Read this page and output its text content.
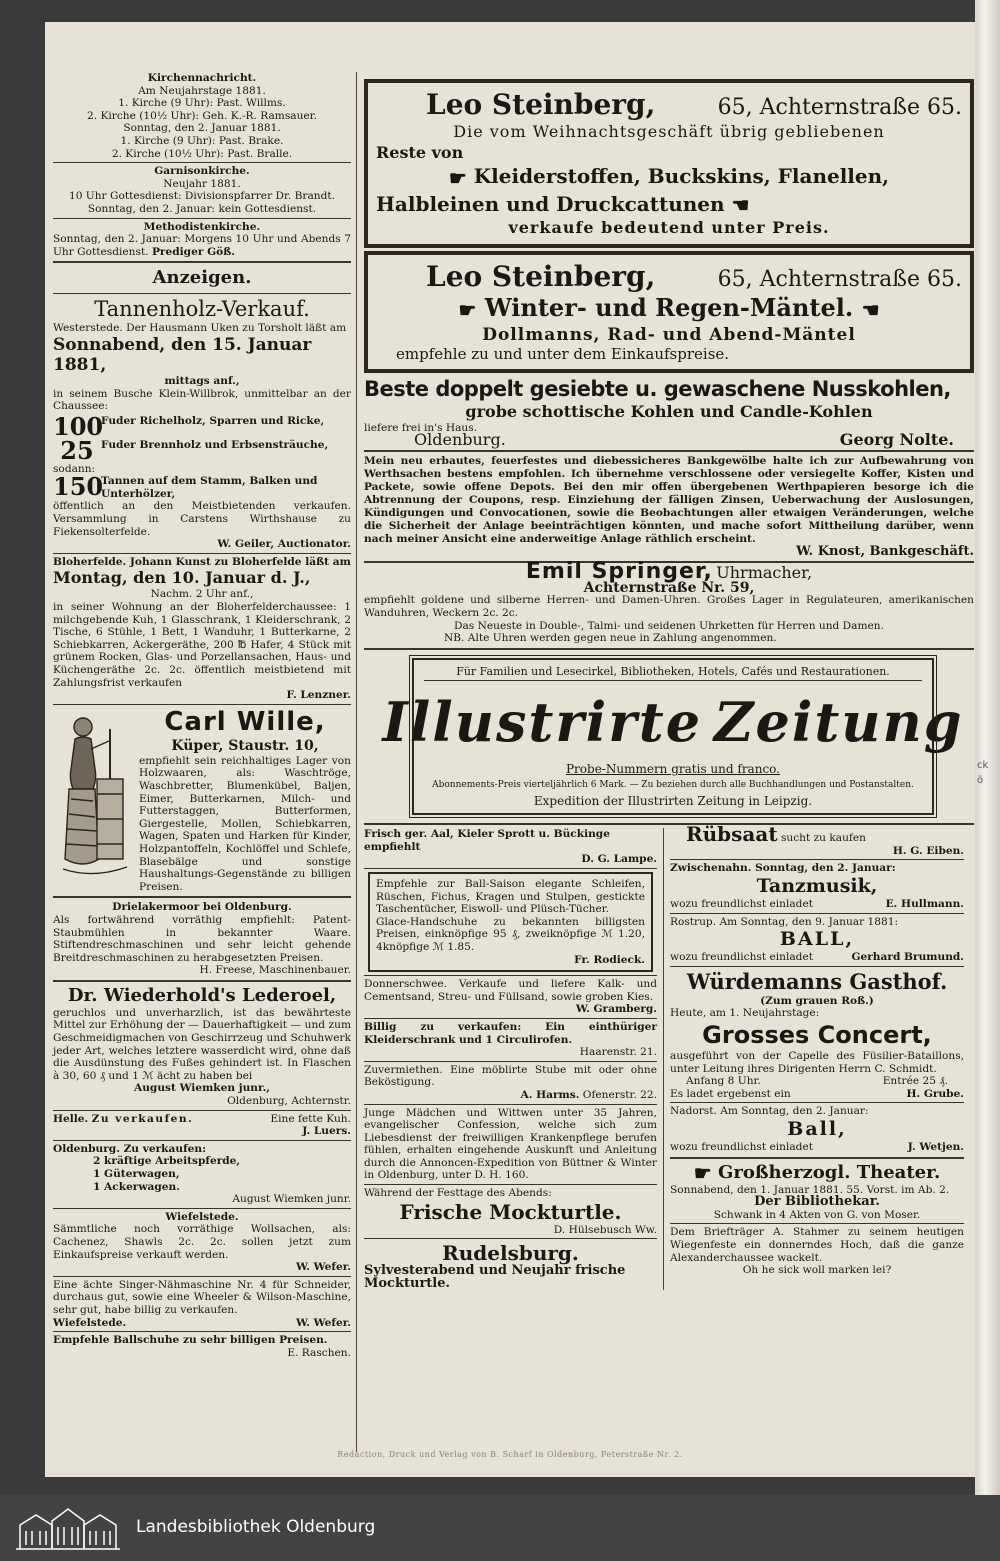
ck
ö
Kirchennachricht.
Am Neujahrstage 1881.
1. Kirche (9 Uhr): Past. Willms.
2. Kirche (10½ Uhr): Geh. K.-R. Ramsauer.
Sonntag, den 2. Januar 1881.
1. Kirche (9 Uhr): Past. Brake.
2. Kirche (10½ Uhr): Past. Bralle.
Garnisonkirche.
Neujahr 1881.
10 Uhr Gottesdienst: Divisionspfarrer Dr. Brandt.
Sonntag, den 2. Januar: kein Gottesdienst.
Methodistenkirche.
Sonntag, den 2. Januar: Morgens 10 Uhr und Abends 7 Uhr Gottesdienst. Prediger Göß.
Anzeigen.
Tannenholz-Verkauf.
Westerstede. Der Hausmann Uken zu Torsholt läßt am
Sonnabend, den 15. Januar 1881,
mittags anf.,
in seinem Busche Klein-Willbrok, unmittelbar an der Chaussee:
100Fuder Richelholz, Sparren und Ricke,
25 Fuder Brennholz und Erbsensträuche,
sodann:
150Tannen auf dem Stamm, Balken und Unterhölzer,
öffentlich an den Meistbietenden verkaufen. Versammlung in Carstens Wirthshause zu Fiekensolterfelde.
W. Geiler, Auctionator.
Bloherfelde. Johann Kunst zu Bloherfelde läßt am
Montag, den 10. Januar d. J.,
Nachm. 2 Uhr anf.,
in seiner Wohnung an der Bloherfelderchaussee: 1 milchgebende Kuh, 1 Glasschrank, 1 Kleiderschrank, 2 Tische, 6 Stühle, 1 Bett, 1 Wanduhr, 1 Butterkarne, 2 Schiebkarren, Ackergeräthe, 200 ℔ Hafer, 4 Stück mit grünem Rocken, Glas- und Porzellansachen, Haus- und Küchengeräthe 2c. 2c. öffentlich meistbietend mit Zahlungsfrist verkaufen
F. Lenzner.
Carl Wille,
Küper, Staustr. 10,
empfiehlt sein reichhaltiges Lager von Holzwaaren, als: Waschtröge, Waschbretter, Blumenkübel, Baljen, Eimer, Butterkarnen, Milch- und Futterstaggen, Butterformen, Giergestelle, Mollen, Schiebkarren, Wagen, Spaten und Harken für Kinder, Holzpantoffeln, Kochlöffel und Schlefe, Blasebälge und sonstige Haushaltungs-Gegenstände zu billigen Preisen.
Drielakermoor bei Oldenburg.
Als fortwährend vorräthig empfiehlt: Patent-Staubmühlen in bekannter Waare. Stiftendreschmaschinen und sehr leicht gehende Breitdreschmaschinen zu herabgesetzten Preisen.
H. Freese, Maschinenbauer.
Dr. Wiederhold's Lederoel,
geruchlos und unverharzlich, ist das bewährteste Mittel zur Erhöhung der — Dauerhaftigkeit — und zum Geschmeidigmachen von Geschirrzeug und Schuhwerk jeder Art, welches letztere wasserdicht wird, ohne daß die Ausdünstung des Fußes gehindert ist. In Flaschen à 30, 60 ₰ und 1 ℳ ächt zu haben bei
August Wiemken junr.,
Oldenburg, Achternstr.
Helle. Zu verkaufen.	Eine fette Kuh.
J. Luers.
Oldenburg. Zu verkaufen:
2 kräftige Arbeitspferde,
1 Güterwagen,
1 Ackerwagen.
August Wiemken junr.
Wiefelstede.
Sämmtliche noch vorräthige Wollsachen, als: Cachenez, Shawls 2c. 2c. sollen jetzt zum Einkaufspreise verkauft werden.
W. Wefer.
Eine ächte Singer-Nähmaschine Nr. 4 für Schneider, durchaus gut, sowie eine Wheeler & Wilson-Maschine, sehr gut, habe billig zu verkaufen.
Wiefelstede.	W. Wefer.
Empfehle Ballschuhe zu sehr billigen Preisen.
E. Raschen.
Leo Steinberg,	65, Achternstraße 65.
Die vom Weihnachtsgeschäft übrig gebliebenen
Reste von
☛ Kleiderstoffen, Buckskins, Flanellen,
Halbleinen und Druckcattunen ☚
verkaufe bedeutend unter Preis.
Leo Steinberg,	65, Achternstraße 65.
☛ Winter- und Regen-Mäntel. ☚
Dollmanns, Rad- und Abend-Mäntel
empfehle zu und unter dem Einkaufspreise.
Beste doppelt gesiebte u. gewaschene Nusskohlen,
grobe schottische Kohlen und Candle-Kohlen
liefere frei in's Haus.
Oldenburg.	Georg Nolte.
Mein neu erbautes, feuerfestes und diebessicheres Bankgewölbe halte ich zur Aufbewahrung von Werthsachen bestens empfohlen. Ich übernehme verschlossene oder versiegelte Koffer, Kisten und Packete, sowie offene Depots. Bei den mir offen übergebenen Werthpapieren besorge ich die Abtrennung der Coupons, resp. Einziehung der fälligen Zinsen, Ueberwachung der Auslosungen, Kündigungen und Convocationen, sowie die Beobachtungen aller etwaigen Veränderungen, welche die Sicherheit der Anlage beeinträchtigen könnten, und mache sofort Mittheilung darüber, wenn nach meiner Ansicht eine anderweitige Anlage räthlich erscheint.
W. Knost, Bankgeschäft.
Emil Springer, Uhrmacher,
Achternstraße Nr. 59,
empfiehlt goldene und silberne Herren- und Damen-Uhren. Großes Lager in Regulateuren, amerikanischen Wanduhren, Weckern 2c. 2c.
Das Neueste in Double-, Talmi- und seidenen Uhrketten für Herren und Damen.
NB. Alte Uhren werden gegen neue in Zahlung angenommen.
Für Familien und Lesecirkel, Bibliotheken, Hotels, Cafés und Restaurationen.
Illustrirte Zeitung
Probe-Nummern gratis und franco.
Abonnements-Preis vierteljährlich 6 Mark. — Zu beziehen durch alle Buchhandlungen und Postanstalten.
Expedition der Illustrirten Zeitung in Leipzig.
Frisch ger. Aal, Kieler Sprott u. Bückinge empfiehlt
D. G. Lampe.
Empfehle zur Ball-Saison elegante Schleifen, Rüschen, Fichus, Kragen und Stulpen, gestickte Taschentücher, Eiswoll- und Plüsch-Tücher.
Glace-Handschuhe zu bekannten billigsten Preisen, einknöpfige 95 ₰, zweiknöpfige ℳ 1.20, 4knöpfige ℳ 1.85.
Fr. Rodieck.
Donnerschwee. Verkaufe und liefere Kalk- und Cementsand, Streu- und Füllsand, sowie groben Kies.
W. Gramberg.
Billig zu verkaufen: Ein einthüriger Kleiderschrank und 1 Circulirofen.
Haarenstr. 21.
Zuvermiethen. Eine möblirte Stube mit oder ohne Beköstigung.
A. Harms. Ofenerstr. 22.
Junge Mädchen und Wittwen unter 35 Jahren, evangelischer Confession, welche sich zum Liebesdienst der freiwilligen Krankenpflege berufen fühlen, erhalten eingehende Auskunft und Anleitung durch die Annoncen-Expedition von Büttner & Winter in Oldenburg, unter D. H. 160.
Während der Festtage des Abends:
Frische Mockturtle.
D. Hülsebusch Ww.
Rudelsburg.
Sylvesterabend und Neujahr frische Mockturtle.
Rübsaat sucht zu kaufen
H. G. Eiben.
Zwischenahn. Sonntag, den 2. Januar:
Tanzmusik,
wozu freundlichst einladet	E. Hullmann.
Rostrup. Am Sonntag, den 9. Januar 1881:
BALL,
wozu freundlichst einladet	Gerhard Brumund.
Würdemanns Gasthof.
(Zum grauen Roß.)
Heute, am 1. Neujahrstage:
Grosses Concert,
ausgeführt von der Capelle des Füsilier-Bataillons, unter Leitung ihres Dirigenten Herrn C. Schmidt.
Anfang 8 Uhr.	Entrée 25 ₰.
Es ladet ergebenst ein	H. Grube.
Nadorst. Am Sonntag, den 2. Januar:
Ball,
wozu freundlichst einladet	J. Wetjen.
☛ Großherzogl. Theater.
Sonnabend, den 1. Januar 1881. 55. Vorst. im Ab. 2.
Der Bibliothekar.
Schwank in 4 Akten von G. von Moser.
Dem Briefträger A. Stahmer zu seinem heutigen Wiegenfeste ein donnerndes Hoch, daß die ganze Alexanderchaussee wackelt.
Oh he sick woll marken lei?
Redaction, Druck und Verlag von B. Scharf in Oldenburg, Peterstraße Nr. 2.
Landesbibliothek Oldenburg
